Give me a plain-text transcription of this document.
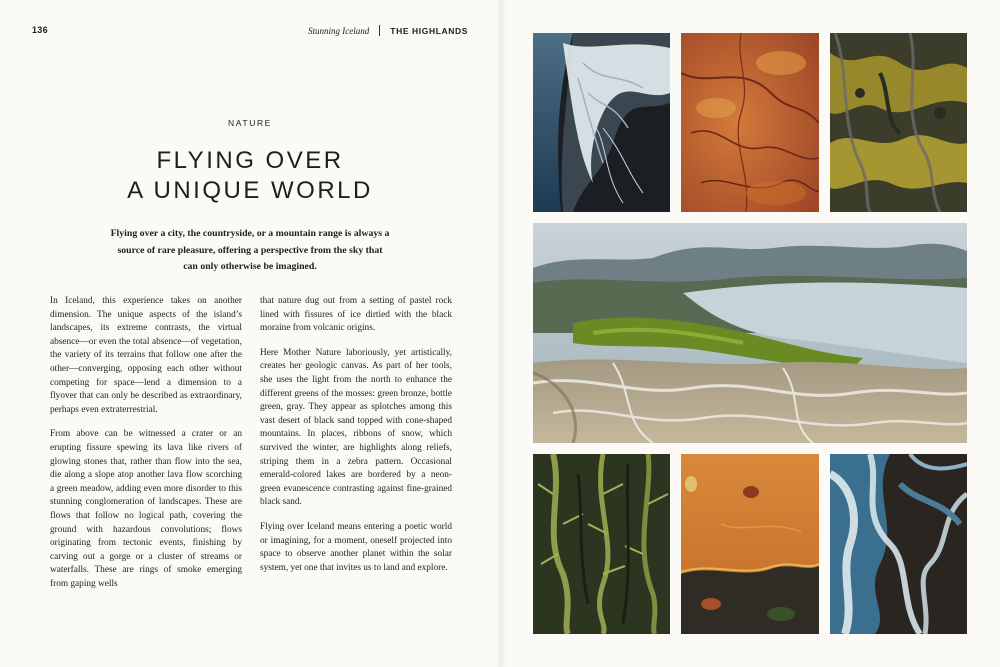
136	Stunning Iceland THE HIGHLANDS
NATURE
FLYING OVER
A UNIQUE WORLD
Flying over a city, the countryside, or a mountain range is always a source of rare pleasure, offering a perspective from the sky that can only otherwise be imagined.

In Iceland, this experience takes on another dimension. The unique aspects of the island’s landscapes, its extreme contrasts, the virtual absence—or even the total absence—of vegetation, the variety of its terrains that follow one after the other—converging, opposing each other without competing for space—lend a dimension to a flyover that can only be described as extraordinary, perhaps even extraterrestrial.

From above can be witnessed a crater or an erupting fissure spewing its lava like rivers of glowing stones that, rather than flow into the sea, die along a slope atop another lava flow scorching a green meadow, adding even more disorder to this stunning conglomeration of landscapes. These are flows that follow no logical path, covering the ground with hazardous convolutions; flows originating from tectonic events, finishing by carving out a gorge or a cluster of streams or waterfalls. These are rings of smoke emerging from gaping wells

that nature dug out from a setting of pastel rock lined with fissures of ice dirtied with the black moraine from volcanic origins.

Here Mother Nature laboriously, yet artistically, creates her geologic canvas. As part of her tools, she uses the light from the north to enhance the different greens of the mosses: green bronze, bottle green, gray. They appear as splotches among this vast desert of black sand topped with cone-shaped mountains. In places, ribbons of snow, which survived the winter, are highlights along reliefs, striping them in a zebra pattern. Occasional emerald-colored lakes are bordered by a neon-green evanescence contrasting against fine-grained black sand.

Flying over Iceland means entering a poetic world or imagining, for a moment, oneself projected into space to observe another planet within the solar system, yet one that invites us to land and explore.
